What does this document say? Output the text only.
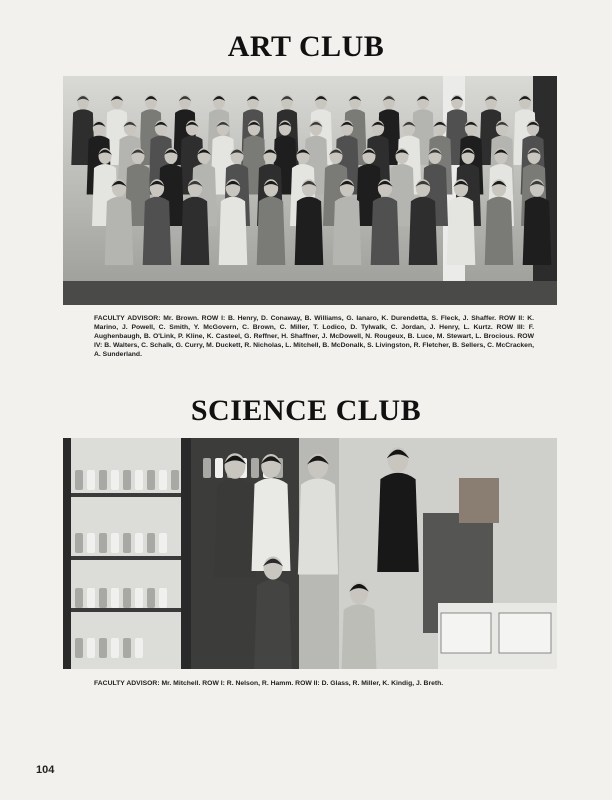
ART CLUB
FACULTY ADVISOR: Mr. Brown. ROW I: B. Henry, D. Conaway, B. Williams, G. Ianaro, K. Durendetta, S. Fleck, J. Shaffer. ROW II: K. Marino, J. Powell, C. Smith, Y. McGovern, C. Brown, C. Miller, T. Lodico, D. Tylwalk, C. Jordan, J. Henry, L. Kurtz. ROW III: F. Aughenbaugh, B. O'Link, P. Kline, K. Casteel, G. Reffner, H. Shaffner, J. McDowell, N. Rougeux, B. Luce, M. Stewart, L. Brocious. ROW IV: B. Walters, C. Schalk, G. Curry, M. Duckett, R. Nicholas, L. Mitchell, B. McDonalk, S. Livingston, R. Fletcher, B. Sellers, C. McCracken, A. Sunderland.
SCIENCE CLUB
FACULTY ADVISOR: Mr. Mitchell. ROW I: R. Nelson, R. Hamm. ROW II: D. Glass, R. Miller, K. Kindig, J. Breth.
104
